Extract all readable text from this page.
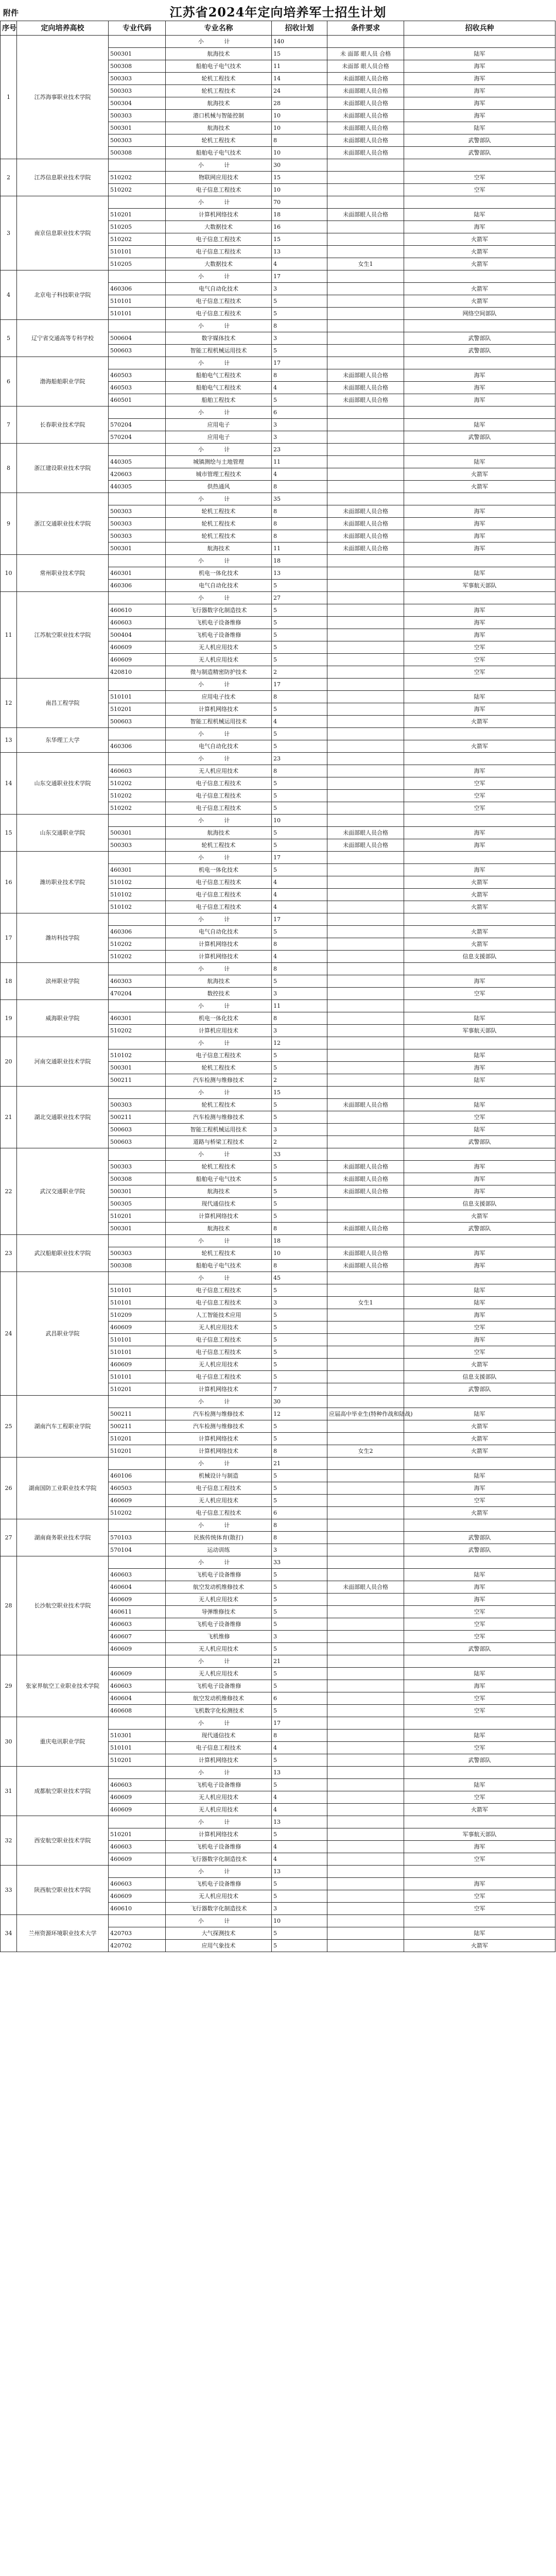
附件	江苏省2024年定向培养军士招生计划
序号	定向培养高校	专业代码	专业名称	招收计划	条件要求	招收兵种
1	江苏海事职业技术学院		小 计	140		
		500301	航海技术	15	未 面部 眼人员 合格	陆军
		500308	船舶电子电气技术	11	未面部 眼人员合格	海军
		500303	轮机工程技术	14	未面部眼人员合格	海军
		500303	轮机工程技术	24	未面部眼人员合格	海军
		500304	航海技术	28	未面部眼人员合格	海军
		500303	港口机械与智能控制	10	未面部眼人员合格	海军
		500301	航海技术	10	未面部眼人员合格	陆军
		500303	轮机工程技术	8	未面部眼人员合格	武警部队
		500308	船舶电子电气技术	10	未面部眼人员合格	武警部队
2	江苏信息职业技术学院		小 计	30		
		510202	物联网应用技术	15		空军
		510202	电子信息工程技术	10		空军
3	南京信息职业技术学院		小 计	70		
		510201	计算机网络技术	18	未面部眼人员合格	陆军
		510205	大数据技术	16		海军
		510202	电子信息工程技术	15		火箭军
		510101	电子信息工程技术	13		火箭军
		510205	大数据技术	4	女生1	火箭军
4	北京电子科技职业学院		小 计	17		
		460306	电气自动化技术	3		火箭军
		510101	电子信息工程技术	5		火箭军
		510101	电子信息工程技术	5		网络空间部队
5	辽宁省交通高等专科学校		小 计	8		
		500604	数字媒体技术	3		武警部队
		500603	智能工程机械运用技术	5		武警部队
6	渤海船舶职业学院		小 计	17		
		460503	船舶电气工程技术	8	未面部眼人员合格	海军
		460503	船舶电气工程技术	4	未面部眼人员合格	海军
		460501	船舶工程技术	5	未面部眼人员合格	海军
7	长春职业技术学院		小 计	6		
		570204	应用电子	3		陆军
		570204	应用电子	3		武警部队
8	浙江建设职业技术学院		小 计	23		
		440305	城镇测绘与土地管理	11		陆军
		420603	城市管理工程技术	4		火箭军
		440305	供热通风	8		火箭军
9	浙江交通职业技术学院		小 计	35		
		500303	轮机工程技术	8	未面部眼人员合格	海军
		500303	轮机工程技术	8	未面部眼人员合格	海军
		500303	轮机工程技术	8	未面部眼人员合格	海军
		500301	航海技术	11	未面部眼人员合格	海军
10	常州职业技术学院		小 计	18		
		460301	机电一体化技术	13		陆军
		460306	电气自动化技术	5		军事航天部队
11	江苏航空职业技术学院		小 计	27		
		460610	飞行器数字化制造技术	5		海军
		460603	飞机电子设备维修	5		海军
		500404	飞机电子设备维修	5		海军
		460609	无人机应用技术	5		空军
		460609	无人机应用技术	5		空军
		420810	微与制造精密防护技术	2		空军
12	南昌工程学院		小 计	17		
		510101	应用电子技术	8		陆军
		510201	计算机网络技术	5		海军
		500603	智能工程机械运用技术	4		火箭军
13	东华理工大学		小 计	5		
		460306	电气自动化技术	5		火箭军
14	山东交通职业技术学院		小 计	23		
		460603	无人机应用技术	8		海军
		510202	电子信息工程技术	5		空军
		510202	电子信息工程技术	5		空军
		510202	电子信息工程技术	5		空军
15	山东交通职业学院		小 计	10		
		500301	航海技术	5	未面部眼人员合格	海军
		500303	轮机工程技术	5	未面部眼人员合格	海军
16	潍坊职业技术学院		小 计	17		
		460301	机电一体化技术	5		海军
		510102	电子信息工程技术	4		火箭军
		510102	电子信息工程技术	4		火箭军
		510102	电子信息工程技术	4		火箭军
17	潍坊科技学院		小 计	17		
		460306	电气自动化技术	5		火箭军
		510202	计算机网络技术	8		火箭军
		510202	计算机网络技术	4		信息支援部队
18	滨州职业学院		小 计	8		
		460303	航海技术	5		海军
		470204	数控技术	3		空军
19	威海职业学院		小 计	11		
		460301	机电一体化技术	8		陆军
		510202	计算机应用技术	3		军事航天部队
20	河南交通职业技术学院		小 计	12		
		510102	电子信息工程技术	5		陆军
		500301	轮机工程技术	5		海军
		500211	汽车检测与维修技术	2		陆军
21	湖北交通职业技术学院		小 计	15		
		500303	轮机工程技术	5	未面部眼人员合格	陆军
		500211	汽车检测与维修技术	5		空军
		500603	智能工程机械运用技术	3		陆军
		500603	道路与桥梁工程技术	2		武警部队
22	武汉交通职业学院		小 计	33		
		500303	轮机工程技术	5	未面部眼人员合格	海军
		500308	船舶电子电气技术	5	未面部眼人员合格	海军
		500301	航海技术	5	未面部眼人员合格	海军
		500305	现代通信技术	5		信息支援部队
		510201	计算机网络技术	5		火箭军
		500301	航海技术	8	未面部眼人员合格	武警部队
23	武汉船舶职业技术学院		小 计	18		
		500303	轮机工程技术	10	未面部眼人员合格	海军
		500308	船舶电子电气技术	8	未面部眼人员合格	海军
24	武昌职业学院		小 计	45		
		510101	电子信息工程技术	5		陆军
		510101	电子信息工程技术	3	女生1	陆军
		510209	人工智能技术应用	5		海军
		460609	无人机应用技术	5		空军
		510101	电子信息工程技术	5		海军
		510101	电子信息工程技术	5		空军
		460609	无人机应用技术	5		火箭军
		510101	电子信息工程技术	5		信息支援部队
		510201	计算机网络技术	7		武警部队
25	湖南汽车工程职业学院		小 计	30		
		500211	汽车检测与维修技术	12	应届高中毕业生(特种作战和陆战)	陆军
		500211	汽车检测与维修技术	5		火箭军
		510201	计算机网络技术	5		火箭军
		510201	计算机网络技术	8	女生2	火箭军
26	湖南国防工业职业技术学院		小 计	21		
		460106	机械设计与制造	5		陆军
		460503	电子信息工程技术	5		海军
		460609	无人机应用技术	5		空军
		510202	电子信息工程技术	6		火箭军
27	湖南商务职业技术学院		小 计	8		
		570103	民族传统体育(散打)	8		武警部队
		570104	运动训练	3		武警部队
28	长沙航空职业技术学院		小 计	33		
		460603	飞机电子设备维修	5		陆军
		460604	航空发动机维修技术	5	未面部眼人员合格	海军
		460609	无人机应用技术	5		海军
		460611	导弹维修技术	5		空军
		460603	飞机电子设备维修	5		空军
		460607	飞机维修	3		空军
		460609	无人机应用技术	5		武警部队
29	张家界航空工业职业技术学院		小 计	21		
		460609	无人机应用技术	5		陆军
		460603	飞机电子设备维修	5		海军
		460604	航空发动机维修技术	6		空军
		460608	飞机数字化检测技术	5		空军
30	重庆电讯职业学院		小 计	17		
		510301	现代通信技术	8		陆军
		510101	电子信息工程技术	4		空军
		510201	计算机网络技术	5		武警部队
31	成都航空职业技术学院		小 计	13		
		460603	飞机电子设备维修	5		陆军
		460609	无人机应用技术	4		空军
		460609	无人机应用技术	4		火箭军
32	西安航空职业技术学院		小 计	13		
		510201	计算机网络技术	5		军事航天部队
		460603	飞机电子设备维修	4		海军
		460609	飞行器数字化制造技术	4		空军
33	陕西航空职业技术学院		小 计	13		
		460603	飞机电子设备维修	5		海军
		460609	无人机应用技术	5		空军
		460610	飞行器数字化制造技术	3		空军
34	兰州资源环境职业技术大学		小 计	10		
		420703	大气探测技术	5		陆军
		420702	应用气象技术	5		火箭军
